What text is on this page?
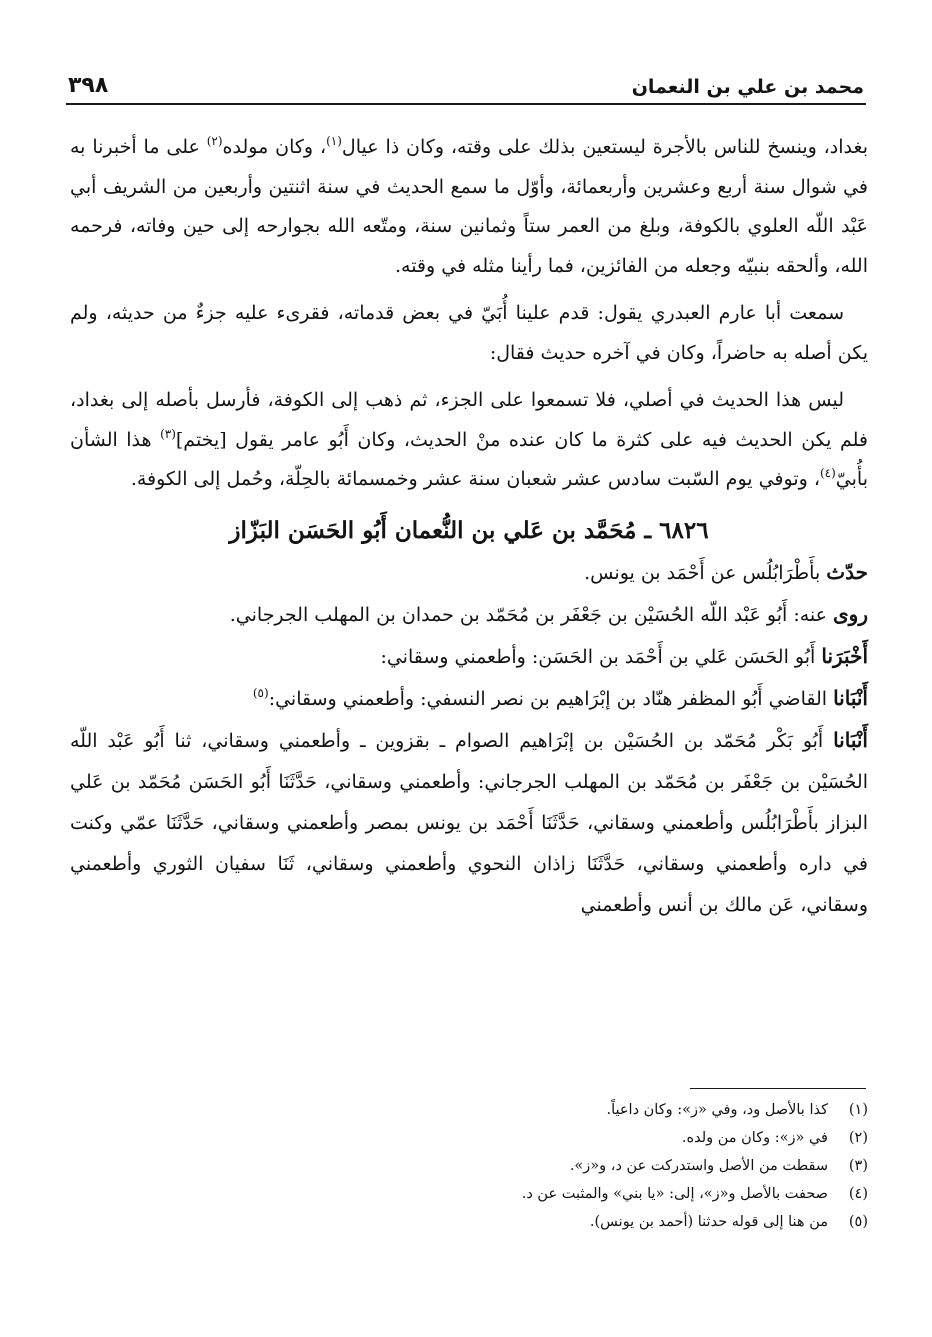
محمد بن علي بن النعمان
٣٩٨

بغداد، وينسخ للناس بالأجرة ليستعين بذلك على وقته، وكان ذا عيال$^{(١)}$، وكان مولده$^{(٢)}$ على ما أخبرنا به في شوال سنة أربع وعشرين وأربعمائة، وأوّل ما سمع الحديث في سنة اثنتين وأربعين من الشريف أبي عَبْد اللّه العلوي بالكوفة، وبلغ من العمر ستاً وثمانين سنة، ومتّعه الله بجوارحه إلى حين وفاته، فرحمه الله، وألحقه بنبيّه وجعله من الفائزين، فما رأينا مثله في وقته.

سمعت أبا عارم العبدري يقول: قدم علينا أُبَيّ في بعض قدماته، فقرىء عليه جزءٌ من حديثه، ولم يكن أصله به حاضراً، وكان في آخره حديث فقال:

ليس هذا الحديث في أصلي، فلا تسمعوا على الجزء، ثم ذهب إلى الكوفة، فأرسل بأصله إلى بغداد، فلم يكن الحديث فيه على كثرة ما كان عنده منْ الحديث، وكان أَبُو عامر يقول [يختم]$^{(٣)}$ هذا الشأن بأُبيّ$^{(٤)}$، وتوفي يوم السّبت سادس عشر شعبان سنة عشر وخمسمائة بالحِلّة، وحُمل إلى الكوفة.

٦٨٢٦ ـ مُحَمَّد بن عَلي بن النُّعمان أَبُو الحَسَن البَزّاز

حدّث بأَطْرَابُلُس عن أَحْمَد بن يونس.

روى عنه: أَبُو عَبْد اللّه الحُسَيْن بن جَعْفَر بن مُحَمّد بن حمدان بن المهلب الجرجاني.

أَخْبَرَنا أَبُو الحَسَن عَلي بن أَحْمَد بن الحَسَن: وأطعمني وسقاني:

أَنْبَانا القاضي أَبُو المظفر هنّاد بن إبْرَاهيم بن نصر النسفي: وأطعمني وسقاني:$^{(٥)}$

أَنْبَانا أَبُو بَكْر مُحَمّد بن الحُسَيْن بن إبْرَاهيم الصوام ـ بقزوين ـ وأطعمني وسقاني، ثنا أَبُو عَبْد اللّه الحُسَيْن بن جَعْفَر بن مُحَمّد بن المهلب الجرجاني: وأطعمني وسقاني، حَدَّثَنَا أَبُو الحَسَن مُحَمّد بن عَلي البزاز بأَطْرَابُلُس وأطعمني وسقاني، حَدَّثَنَا أَحْمَد بن يونس بمصر وأطعمني وسقاني، حَدَّثَنَا عمّي وكنت في داره وأطعمني وسقاني، حَدَّثَنَا زاذان النحوي وأطعمني وسقاني، ثَنَا سفيان الثوري وأطعمني وسقاني، عَن مالك بن أنس وأطعمني

(١)
كذا بالأصل ود، وفي «ز»: وكان داعياً.
(٢)
في «ز»: وكان من ولده.
(٣)
سقطت من الأصل واستدركت عن د، و«ز».
(٤)
صحفت بالأصل و«ز»، إلى: «يا بني» والمثبت عن د.
(٥)
من هنا إلى قوله حدثنا (أحمد بن يونس).
